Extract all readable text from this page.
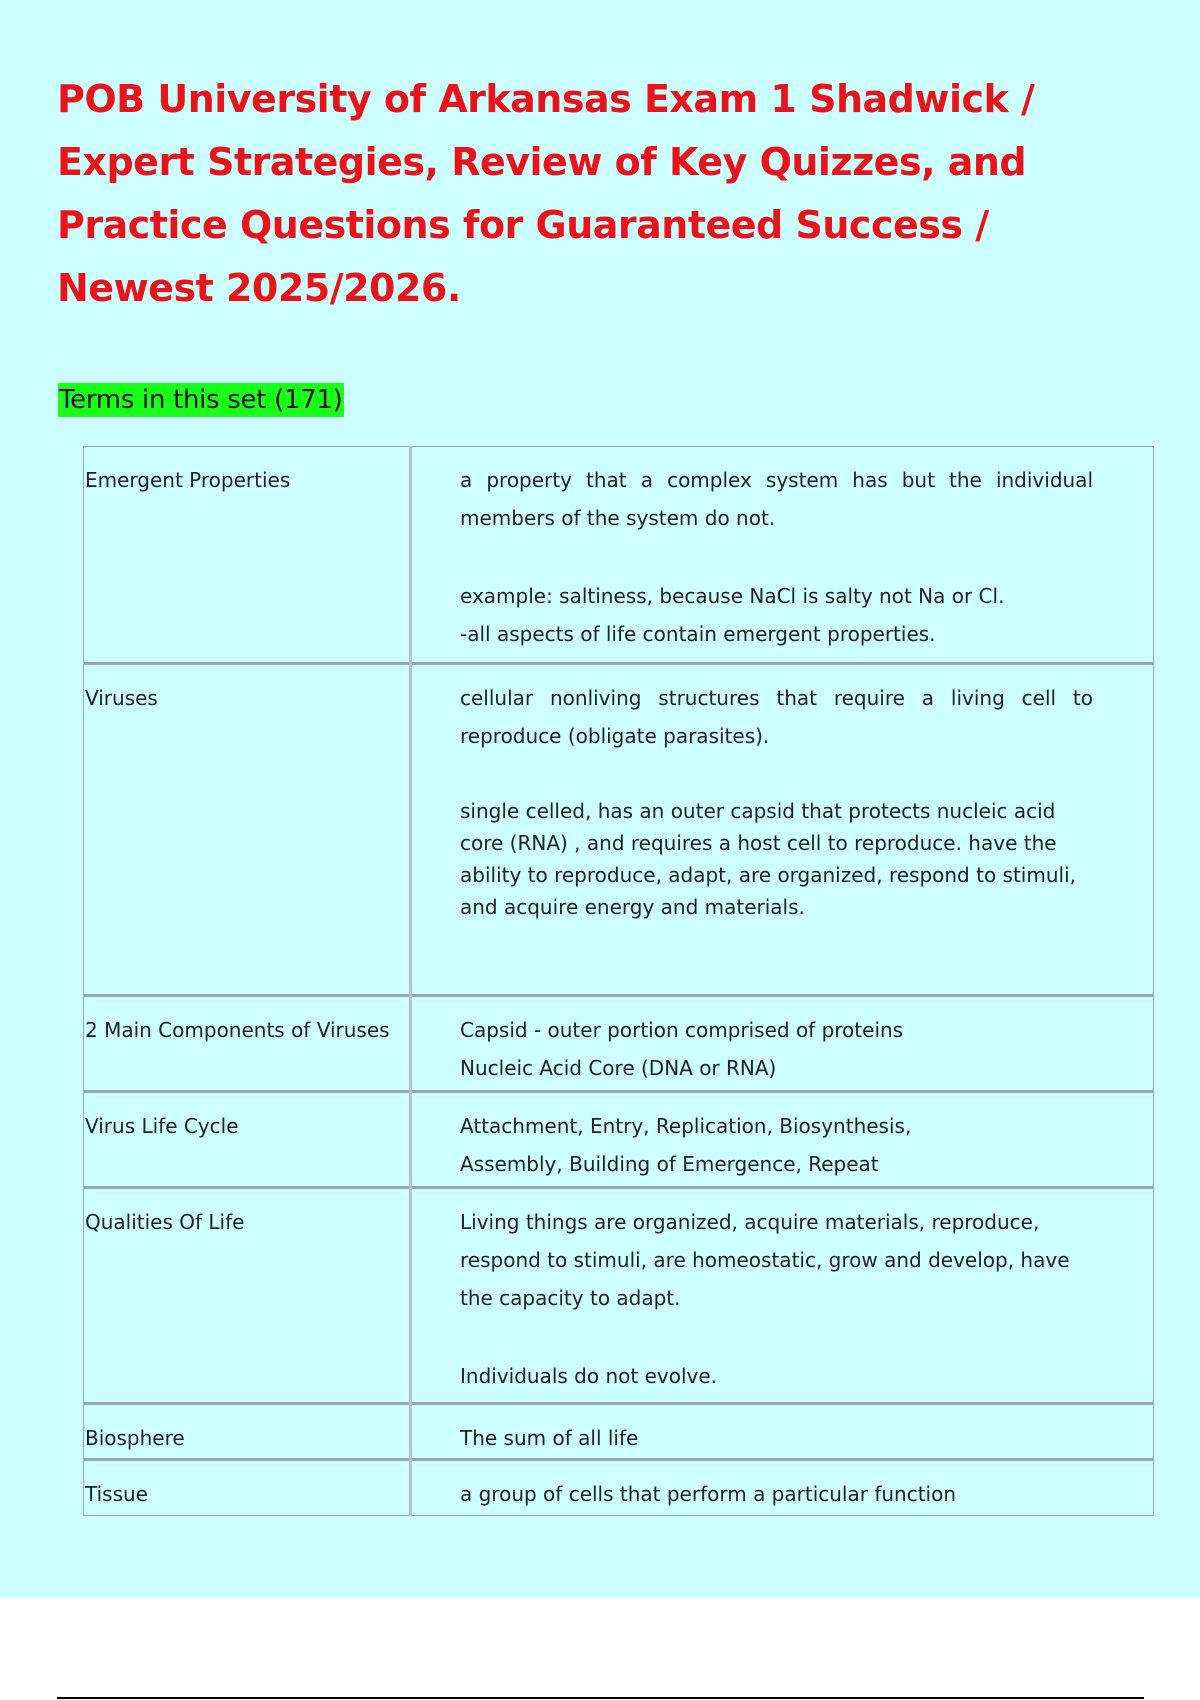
POB University of Arkansas Exam 1 Shadwick / Expert Strategies, Review of Key Quizzes, and Practice Questions for Guaranteed Success / Newest 2025/2026.
Terms in this set (171)
Emergent Properties	a property that a complex system has but the individual members of the system do not.

example: saltiness, because NaCl is salty not Na or Cl.

-all aspects of life contain emergent properties.

Viruses	cellular nonliving structures that require a living cell to reproduce (obligate parasites).

single celled, has an outer capsid that protects nucleic acid core (RNA) , and requires a host cell to reproduce. have the ability to reproduce, adapt, are organized, respond to stimuli, and acquire energy and materials.

2 Main Components of Viruses	Capsid - outer portion comprised of proteins

Nucleic Acid Core (DNA or RNA)

Virus Life Cycle	Attachment, Entry, Replication, Biosynthesis, Assembly, Building of Emergence, Repeat

Qualities Of Life	Living things are organized, acquire materials, reproduce, respond to stimuli, are homeostatic, grow and develop, have the capacity to adapt.

Individuals do not evolve.

Biosphere	The sum of all life

Tissue	a group of cells that perform a particular function
